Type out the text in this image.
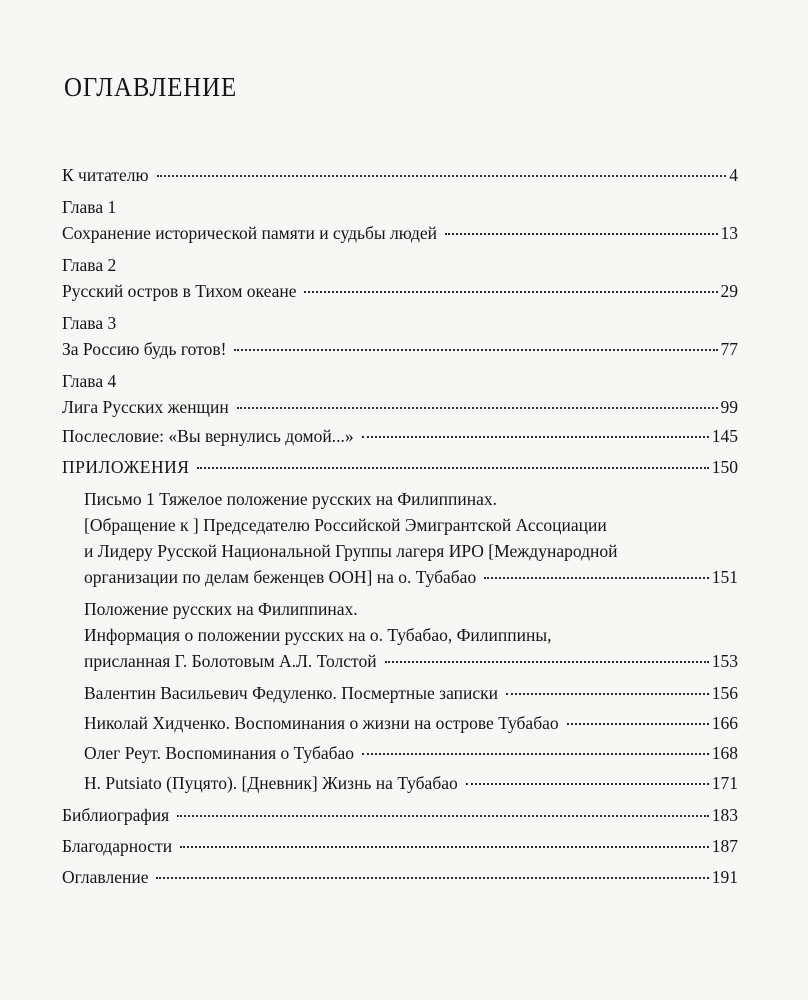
ОГЛАВЛЕНИЕ
К читателю	4
Глава 1
Сохранение исторической памяти и судьбы людей	13
Глава 2
Русский остров в Тихом океане	29
Глава 3
За Россию будь готов!	77
Глава 4
Лига Русских женщин	99
Послесловие: «Вы вернулись домой...»	145
ПРИЛОЖЕНИЯ	150
Письмо 1 Тяжелое положение русских на Филиппинах.
[Обращение к ] Председателю Российской Эмигрантской Ассоциации
и Лидеру Русской Национальной Группы лагеря ИРО [Международной
организации по делам беженцев ООН] на о. Тубабао	151
Положение русских на Филиппинах.
Информация о положении русских на о. Тубабао, Филиппины,
присланная Г. Болотовым А.Л. Толстой	153
Валентин Васильевич Федуленко. Посмертные записки	156
Николай Хидченко. Воспоминания о жизни на острове Тубабао	166
Олег Реут. Воспоминания о Тубабао	168
H. Putsiato (Пуцято). [Дневник] Жизнь на Тубабао	171
Библиография	183
Благодарности	187
Оглавление	191
